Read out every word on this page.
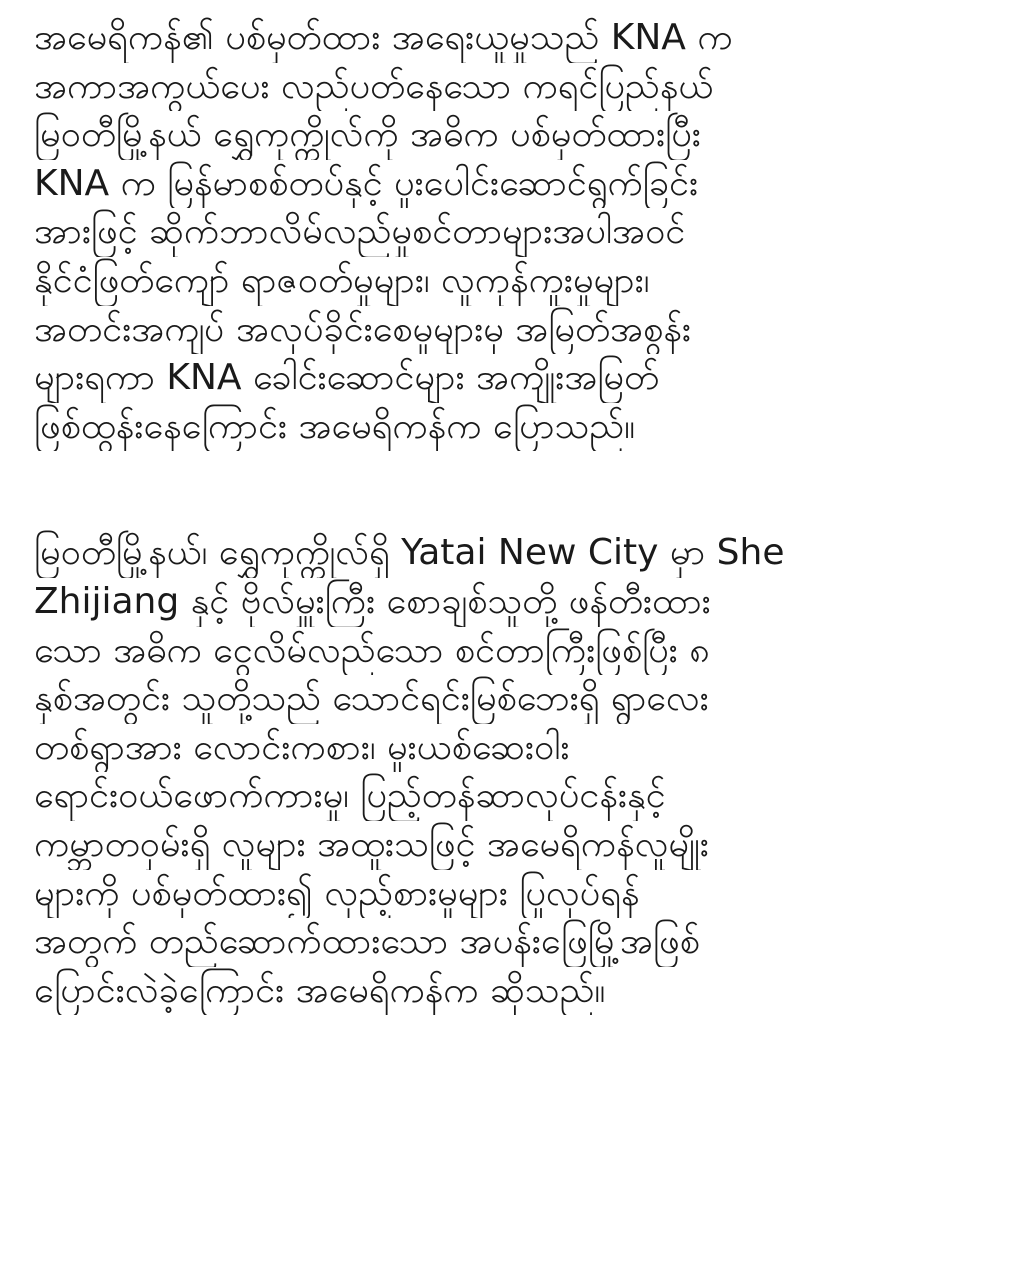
အမေရိကန်၏ ပစ်မှတ်ထား အရေးယူမှုသည် KNA က
အကာအကွယ်ပေး လည်ပတ်နေသော ကရင်ပြည်နယ်
မြဝတီမြို့နယ် ရွှေကုက္ကိုလ်ကို အဓိက ပစ်မှတ်ထားပြီး
KNA က မြန်မာစစ်တပ်နှင့် ပူးပေါင်းဆောင်ရွက်ခြင်း
အားဖြင့် ဆိုက်ဘာလိမ်လည်မှုစင်တာများအပါအဝင်
နိုင်ငံဖြတ်ကျော် ရာဇဝတ်မှုများ၊ လူကုန်ကူးမှုများ၊
အတင်းအကျပ် အလုပ်ခိုင်းစေမှုများမှ အမြတ်အစွန်း
များရကာ KNA ခေါင်းဆောင်များ အကျိုးအမြတ်
ဖြစ်ထွန်းနေကြောင်း အမေရိကန်က ပြောသည်။

မြဝတီမြို့နယ်၊ ရွှေကုက္ကိုလ်ရှိ Yatai New City မှာ She
Zhijiang နှင့် ဗိုလ်မှူးကြီး စောချစ်သူတို့ ဖန်တီးထား
သော အဓိက ငွေလိမ်လည်သော စင်တာကြီးဖြစ်ပြီး ၈
နှစ်အတွင်း သူတို့သည် သောင်ရင်းမြစ်ဘေးရှိ ရွာလေး
တစ်ရွာအား လောင်းကစား၊ မူးယစ်ဆေးဝါး
ရောင်းဝယ်ဖောက်ကားမှု၊ ပြည့်တန်ဆာလုပ်ငန်းနှင့်
ကမ္ဘာတဝှမ်းရှိ လူများ အထူးသဖြင့် အမေရိကန်လူမျိုး
များကို ပစ်မှတ်ထား၍ လှည့်စားမှုများ ပြုလုပ်ရန်
အတွက် တည်ဆောက်ထားသော အပန်းဖြေမြို့အဖြစ်
ပြောင်းလဲခဲ့ကြောင်း အမေရိကန်က ဆိုသည်။
